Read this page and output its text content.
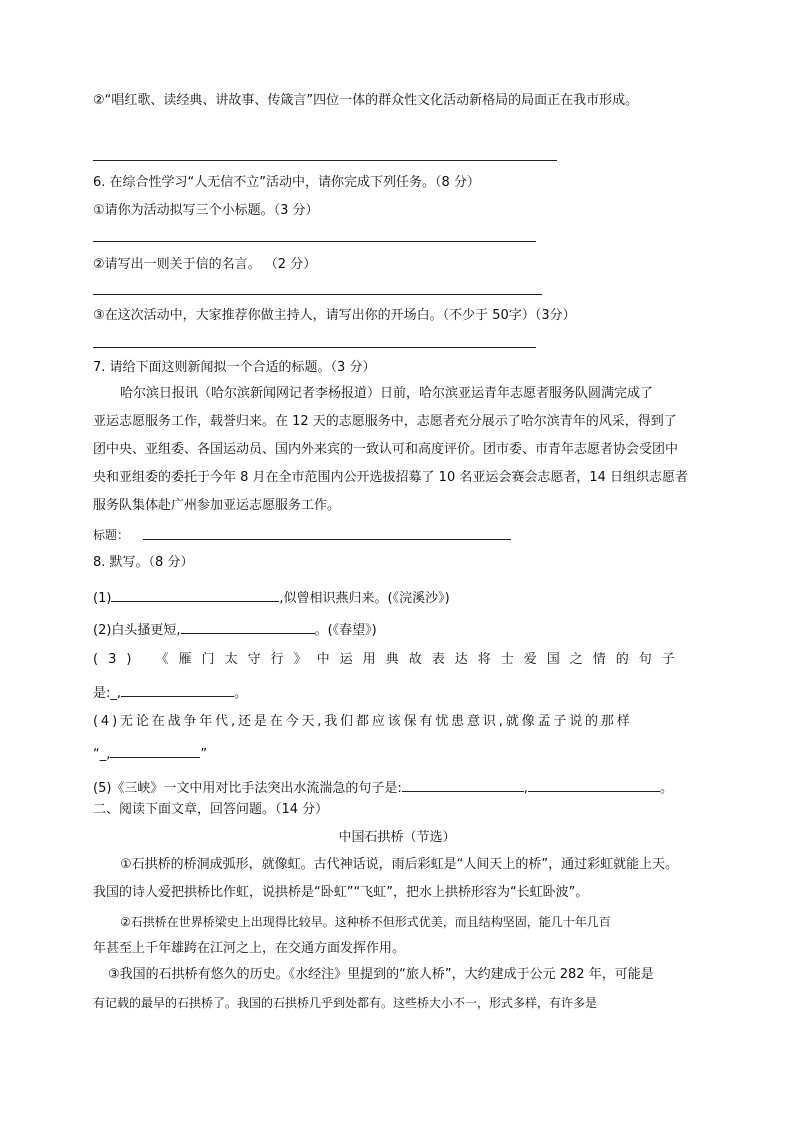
②“唱红歌、读经典、讲故事、传箴言”四位一体的群众性文化活动新格局的局面正在我市形成。
6. 在综合性学习“人无信不立”活动中，请你完成下列任务。（8 分）
①请你为活动拟写三个小标题。（3 分）
②请写出一则关于信的名言。 （2 分）
③在这次活动中，大家推荐你做主持人，请写出你的开场白。（不少于 50字）（3分）
7. 请给下面这则新闻拟一个合适的标题。（3 分）
哈尔滨日报讯（哈尔滨新闻网记者李杨报道）日前，哈尔滨亚运青年志愿者服务队圆满完成了
亚运志愿服务工作，载誉归来。在 12 天的志愿服务中，志愿者充分展示了哈尔滨青年的风采，得到了
团中央、亚组委、各国运动员、国内外来宾的一致认可和高度评价。团市委、市青年志愿者协会受团中
央和亚组委的委托于今年 8 月在全市范围内公开选拔招募了 10 名亚运会赛会志愿者，14 日组织志愿者
服务队集体赴广州参加亚运志愿服务工作。
标题：
8. 默写。（8 分）
(1)	,似曾相识燕归来。(《浣溪沙》)
(2)白头搔更短,	。(《春望》)
(3) 《雁门太守行》中运用典故表达将士爱国之情的句子
是:_,	。
(4)无论在战争年代,还是在今天,我们都应该保有忧患意识,就像孟子说的那样
“_,	”
(5)《三峡》一文中用对比手法突出水流湍急的句子是:	,	。
二、阅读下面文章，回答问题。（14 分）
中国石拱桥（节选）
①石拱桥的桥洞成弧形，就像虹。古代神话说，雨后彩虹是“人间天上的桥”，通过彩虹就能上天。
我国的诗人爱把拱桥比作虹，说拱桥是“卧虹”“飞虹”，把水上拱桥形容为“长虹卧波”。
②石拱桥在世界桥梁史上出现得比较早。这种桥不但形式优美，而且结构坚固，能几十年几百
年甚至上千年雄跨在江河之上，在交通方面发挥作用。
③我国的石拱桥有悠久的历史。《水经注》里提到的“旅人桥”，大约建成于公元 282 年，可能是
有记载的最早的石拱桥了。我国的石拱桥几乎到处都有。这些桥大小不一，形式多样，有许多是
